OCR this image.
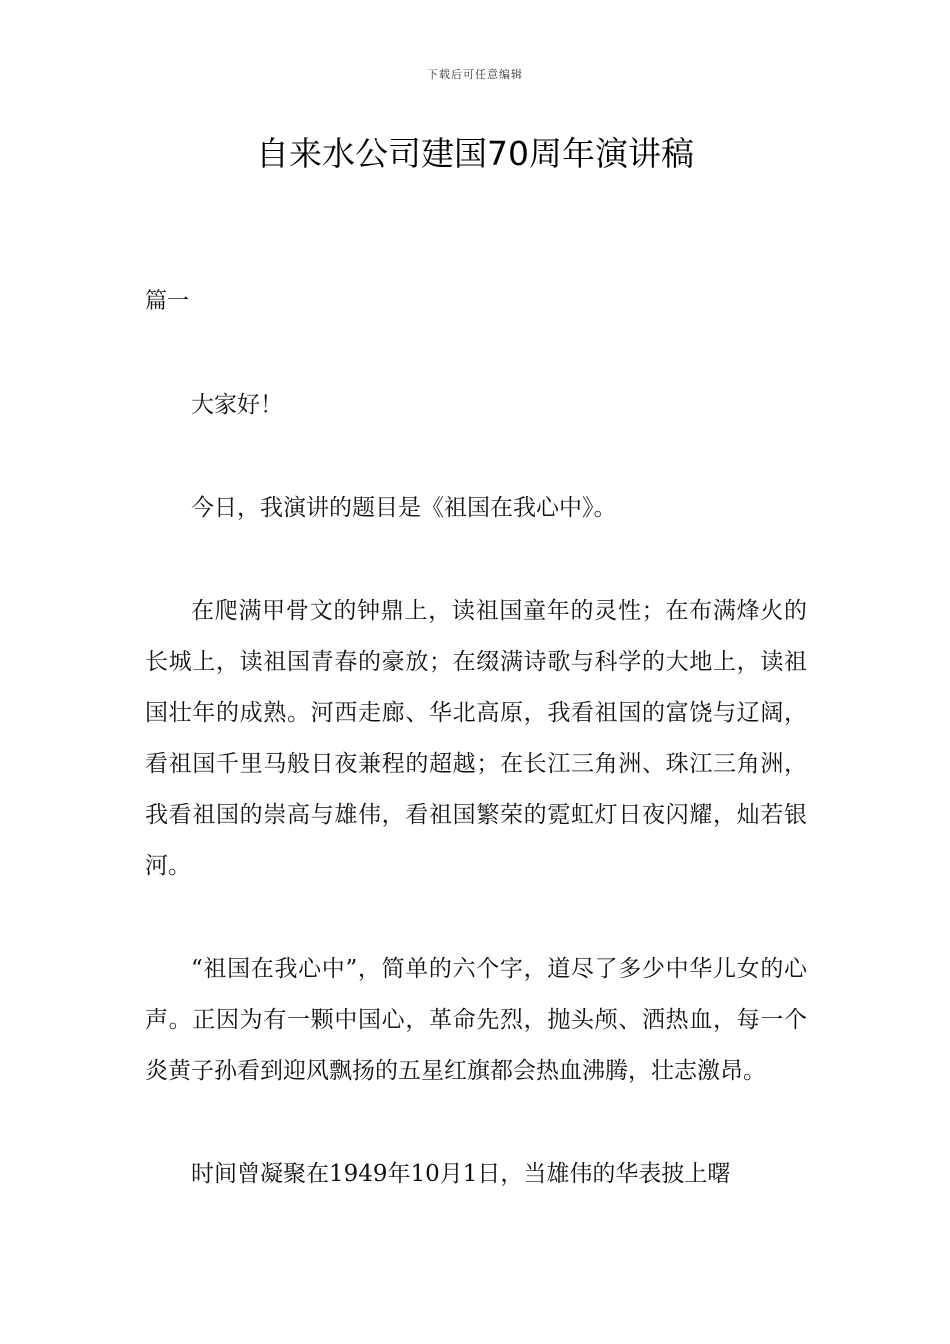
下载后可任意编辑
自来水公司建国70周年演讲稿

篇一

大家好！

今日，我演讲的题目是《祖国在我心中》。

在爬满甲骨文的钟鼎上，读祖国童年的灵性；在布满烽火的长城上，读祖国青春的豪放；在缀满诗歌与科学的大地上，读祖国壮年的成熟。河西走廊、华北高原，我看祖国的富饶与辽阔，看祖国千里马般日夜兼程的超越；在长江三角洲、珠江三角洲，我看祖国的崇高与雄伟，看祖国繁荣的霓虹灯日夜闪耀，灿若银河。

“祖国在我心中”，简单的六个字，道尽了多少中华儿女的心声。正因为有一颗中国心，革命先烈，抛头颅、洒热血，每一个炎黄子孙看到迎风飘扬的五星红旗都会热血沸腾，壮志激昂。

时间曾凝聚在1949年10月1日，当雄伟的华表披上曙
